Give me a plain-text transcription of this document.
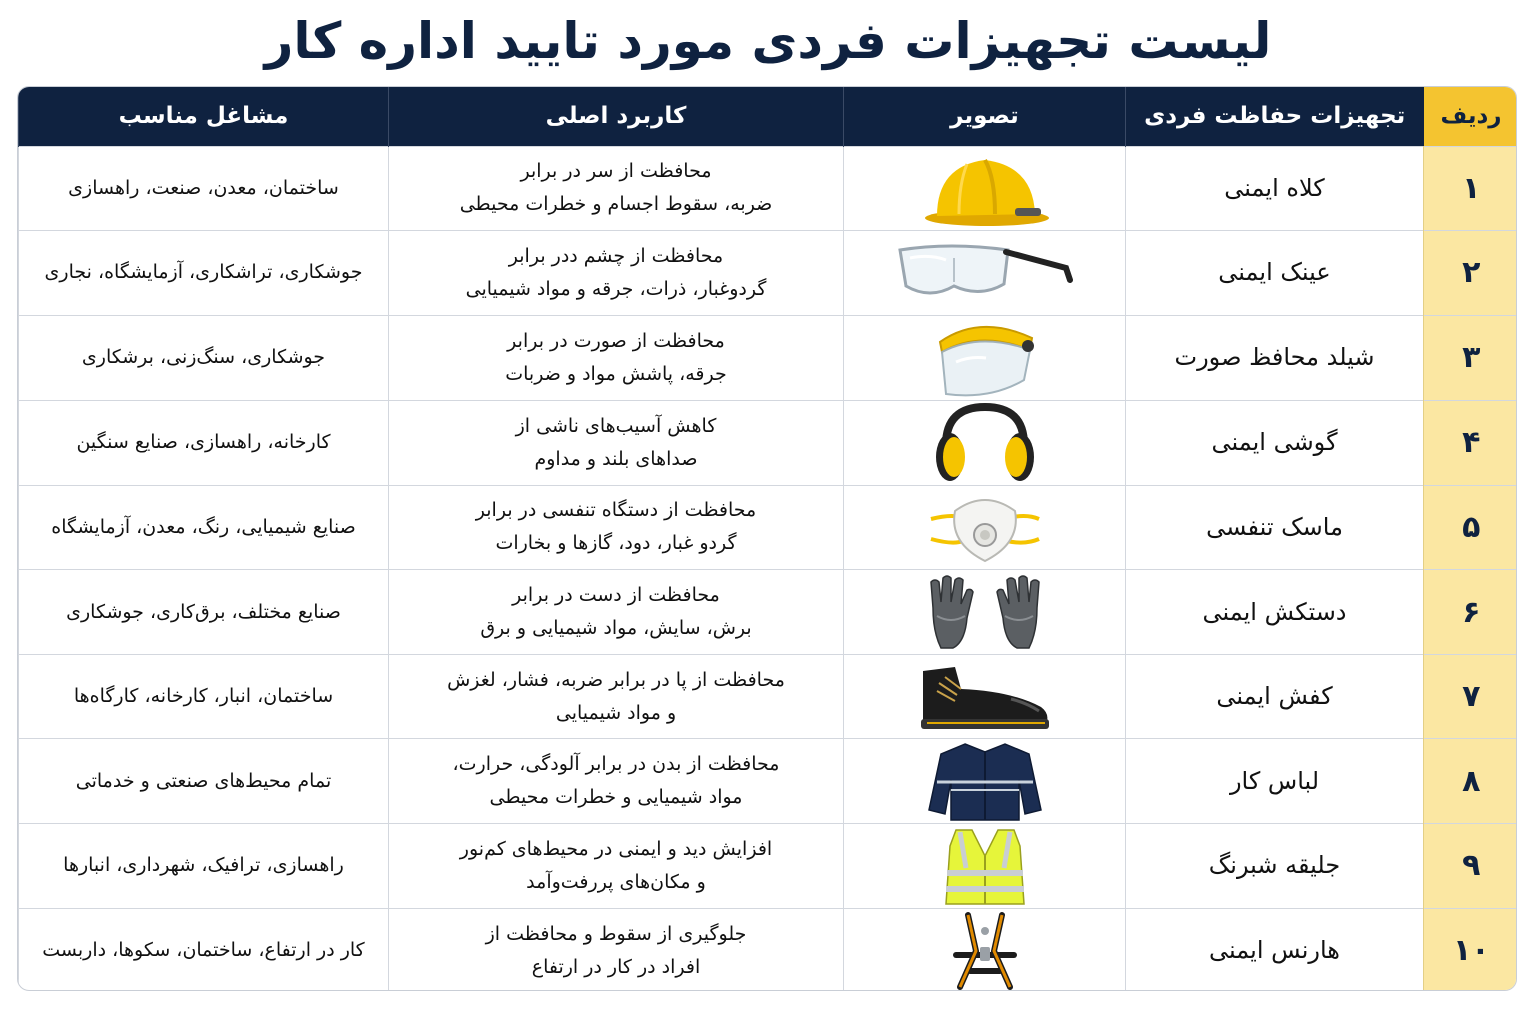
لیست تجهیزات فردی مورد تایید اداره کار
ردیف	تجهیزات حفاظت فردی	تصویر	کاربرد اصلی	مشاغل مناسب
۱	کلاه ایمنی		محافظت از سر در برابر
ضربه، سقوط اجسام و خطرات محیطی	ساختمان، معدن، صنعت، راهسازی
۲	عینک ایمنی		محافظت از چشم ددر برابر
گردوغبار، ذرات، جرقه و مواد شیمیایی	جوشکاری، تراشکاری، آزمایشگاه، نجاری
۳	شیلد محافظ صورت		محافظت از صورت در برابر
جرقه، پاشش مواد و ضربات	جوشکاری، سنگ‌زنی، برشکاری
۴	گوشی ایمنی		کاهش آسیب‌های ناشی از
صداهای بلند و مداوم	کارخانه، راهسازی، صنایع سنگین
۵	ماسک تنفسی		محافظت از دستگاه تنفسی در برابر
گردو غبار، دود، گازها و بخارات	صنایع شیمیایی، رنگ، معدن، آزمایشگاه
۶	دستکش ایمنی		محافظت از دست در برابر
برش، سایش، مواد شیمیایی و برق	صنایع مختلف، برق‌کاری، جوشکاری
۷	کفش ایمنی		محافظت از پا در برابر ضربه، فشار، لغزش
و مواد شیمیایی	ساختمان، انبار، کارخانه، کارگاه‌ها
۸	لباس کار		محافظت از بدن در برابر آلودگی، حرارت،
مواد شیمیایی و خطرات محیطی	تمام محیط‌های صنعتی و خدماتی
۹	جلیقه شبرنگ		افزایش دید و ایمنی در محیط‌های کم‌نور
و مکان‌های پررفت‌وآمد	راهسازی، ترافیک، شهرداری، انبارها
۱۰	هارنس ایمنی		جلوگیری از سقوط و محافظت از
افراد در کار در ارتفاع	کار در ارتفاع، ساختمان، سکوها، داربست
